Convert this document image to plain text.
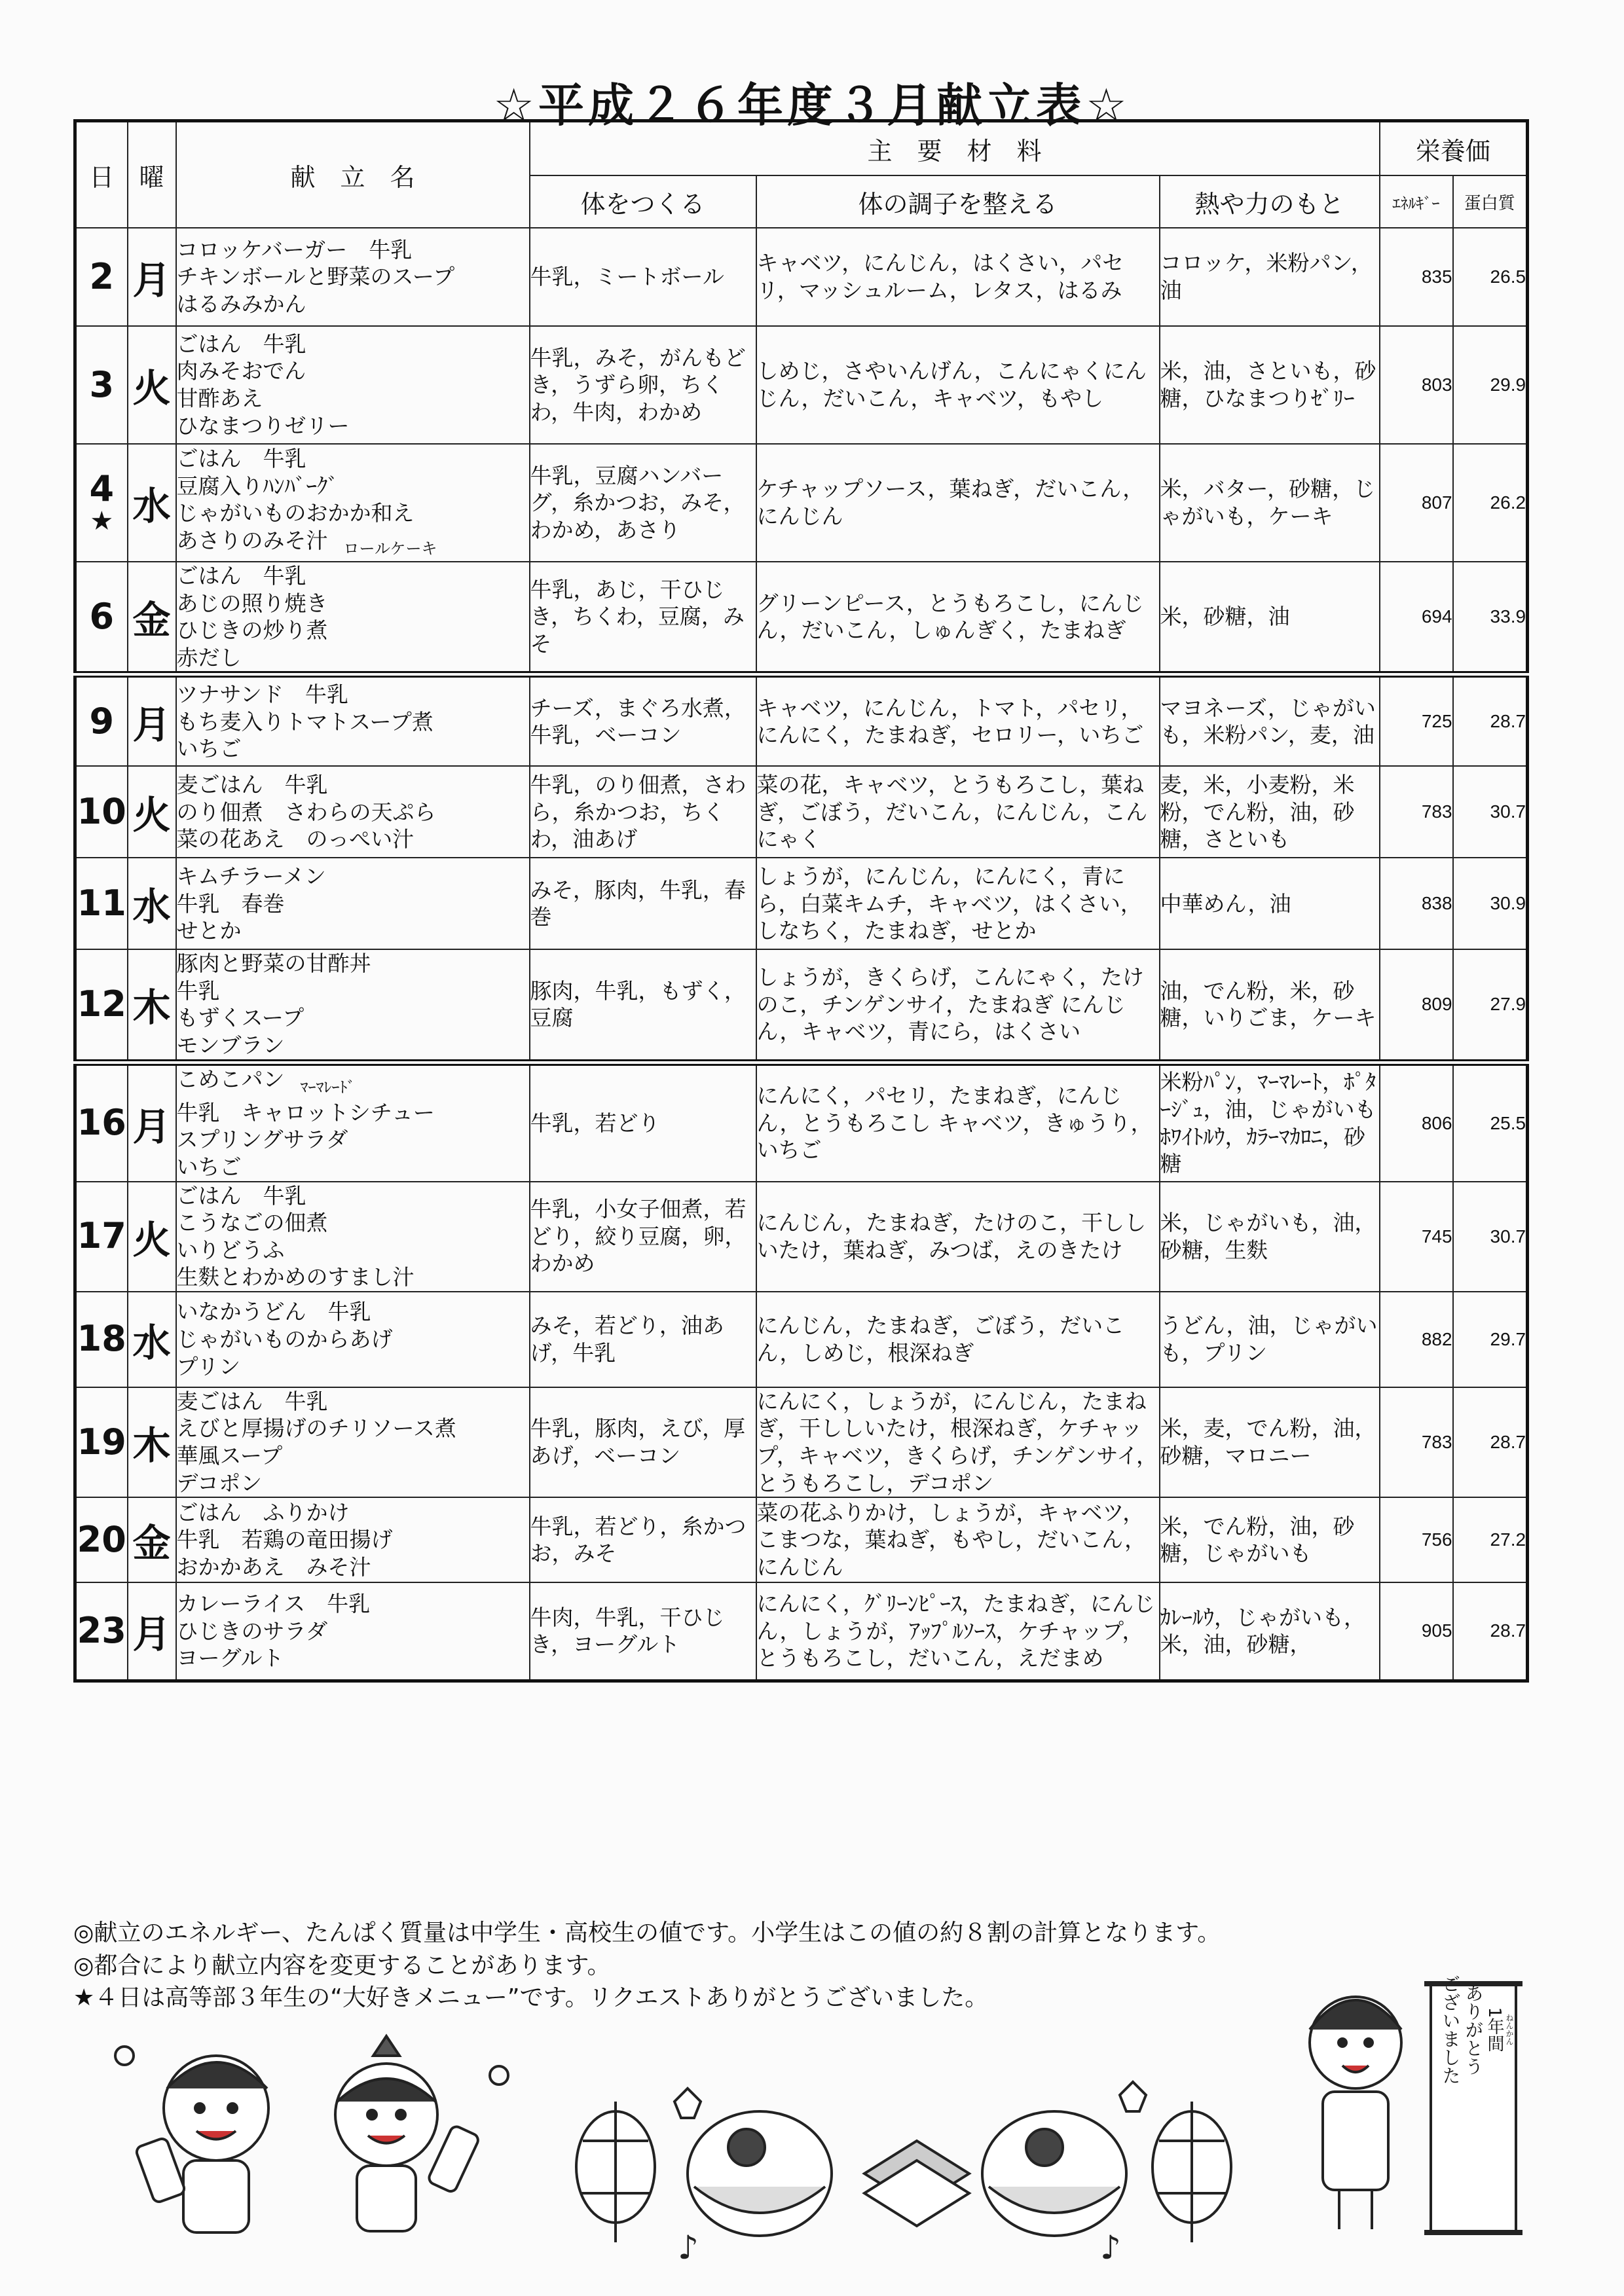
☆平成２６年度３月献立表☆
日	曜	献　立　名	主　要　材　料			栄養価	
			体をつくる	体の調子を整える	熱や力のもと	ｴﾈﾙｷﾞｰ	蛋白質
2	月	コロッケバーガー　牛乳
チキンボールと野菜のスープ
はるみみかん	牛乳，ミートボール	キャベツ，にんじん，はくさい，パセリ，マッシュルーム，レタス，はるみ	コロッケ，米粉パン，油	835	26.5
3	火	ごはん　牛乳
肉みそおでん
甘酢あえ
ひなまつりゼリー	牛乳，みそ，がんもどき，うずら卵，ちくわ，牛肉，わかめ	しめじ，さやいんげん，こんにゃくにんじん，だいこん，キャベツ，もやし	米，油，さといも，砂糖，ひなまつりｾﾞﾘｰ	803	29.9
4
★	水	ごはん　牛乳
豆腐入りﾊﾝﾊﾞｰｸﾞ
じゃがいものおかか和え
あさりのみそ汁 ロールケーキ	牛乳，豆腐ハンバーグ，糸かつお，みそ，わかめ，あさり	ケチャップソース，葉ねぎ，だいこん，にんじん	米，バター，砂糖，じゃがいも，ケーキ	807	26.2
6	金	ごはん　牛乳
あじの照り焼き
ひじきの炒り煮
赤だし	牛乳，あじ，干ひじき，ちくわ，豆腐，みそ	グリーンピース，とうもろこし，にんじん，だいこん，しゅんぎく，たまねぎ	米，砂糖，油	694	33.9
9	月	ツナサンド　牛乳
もち麦入りトマトスープ煮
いちご	チーズ，まぐろ水煮，牛乳，ベーコン	キャベツ，にんじん，トマト，パセリ，にんにく，たまねぎ，セロリー，いちご	マヨネーズ，じゃがいも，米粉パン，麦，油	725	28.7
10	火	麦ごはん　牛乳
のり佃煮　さわらの天ぷら
菜の花あえ　のっぺい汁	牛乳，のり佃煮，さわら，糸かつお，ちくわ，油あげ	菜の花，キャベツ，とうもろこし，葉ねぎ，ごぼう，だいこん，にんじん，こんにゃく	麦，米，小麦粉，米粉，でん粉，油，砂糖，さといも	783	30.7
11	水	キムチラーメン
牛乳　春巻
せとか	みそ，豚肉，牛乳，春巻	しょうが，にんじん，にんにく，青にら，白菜キムチ，キャベツ，はくさい，しなちく，たまねぎ，せとか	中華めん，油	838	30.9
12	木	豚肉と野菜の甘酢丼
牛乳
もずくスープ
モンブラン	豚肉，牛乳，もずく，豆腐	しょうが，きくらげ，こんにゃく，たけのこ，チンゲンサイ，たまねぎ にんじん，キャベツ，青にら，はくさい	油，でん粉，米，砂糖，いりごま，ケーキ	809	27.9
16	月	こめこパン ﾏｰﾏﾚｰﾄﾞ

牛乳　キャロットシチュー
スプリングサラダ
いちご	牛乳，若どり	にんにく，パセリ，たまねぎ，にんじん，とうもろこし キャベツ，きゅうり，いちご	米粉ﾊﾟﾝ，ﾏｰﾏﾚｰﾄ，ﾎﾟﾀｰｼﾞｭ，油，じゃがいも ﾎﾜｲﾄﾙｳ，ｶﾗｰﾏｶﾛﾆ，砂糖	806	25.5
17	火	ごはん　牛乳
こうなごの佃煮
いりどうふ
生麩とわかめのすまし汁	牛乳，小女子佃煮，若どり，絞り豆腐，卵，わかめ	にんじん，たまねぎ，たけのこ，干ししいたけ，葉ねぎ，みつば，えのきたけ	米，じゃがいも，油，砂糖，生麩	745	30.7
18	水	いなかうどん　牛乳
じゃがいものからあげ
プリン	みそ，若どり，油あげ，牛乳	にんじん，たまねぎ，ごぼう，だいこん，しめじ，根深ねぎ	うどん，油，じゃがいも，プリン	882	29.7
19	木	麦ごはん　牛乳
えびと厚揚げのチリソース煮
華風スープ
デコポン	牛乳，豚肉，えび，厚あげ，ベーコン	にんにく，しょうが，にんじん，たまねぎ，干ししいたけ，根深ねぎ，ケチャップ，キャベツ，きくらげ，チンゲンサイ，とうもろこし，デコポン	米，麦，でん粉，油，砂糖，マロニー	783	28.7
20	金	ごはん　ふりかけ
牛乳　若鶏の竜田揚げ
おかかあえ　みそ汁	牛乳，若どり，糸かつお，みそ	菜の花ふりかけ，しょうが，キャベツ，こまつな，葉ねぎ，もやし，だいこん，にんじん	米，でん粉，油，砂糖，じゃがいも	756	27.2
23	月	カレーライス　牛乳
ひじきのサラダ
ヨーグルト	牛肉，牛乳，干ひじき，ヨーグルト	にんにく，ｸﾞﾘｰﾝﾋﾟｰｽ，たまねぎ，にんじん，しょうが，ｱｯﾌﾟﾙｿｰｽ，ケチャップ，とうもろこし，だいこん，えだまめ	ｶﾚｰﾙｳ，じゃがいも，米，油，砂糖，	905	28.7
◎献立のエネルギー、たんぱく質量は中学生・高校生の値です。小学生はこの値の約８割の計算となります。
◎都合により献立内容を変更することがあります。
★４日は高等部３年生の“大好きメニュー”です。リクエストありがとうございました。
♪	♪
1年間 ねんかん
ありがとう
ございました
